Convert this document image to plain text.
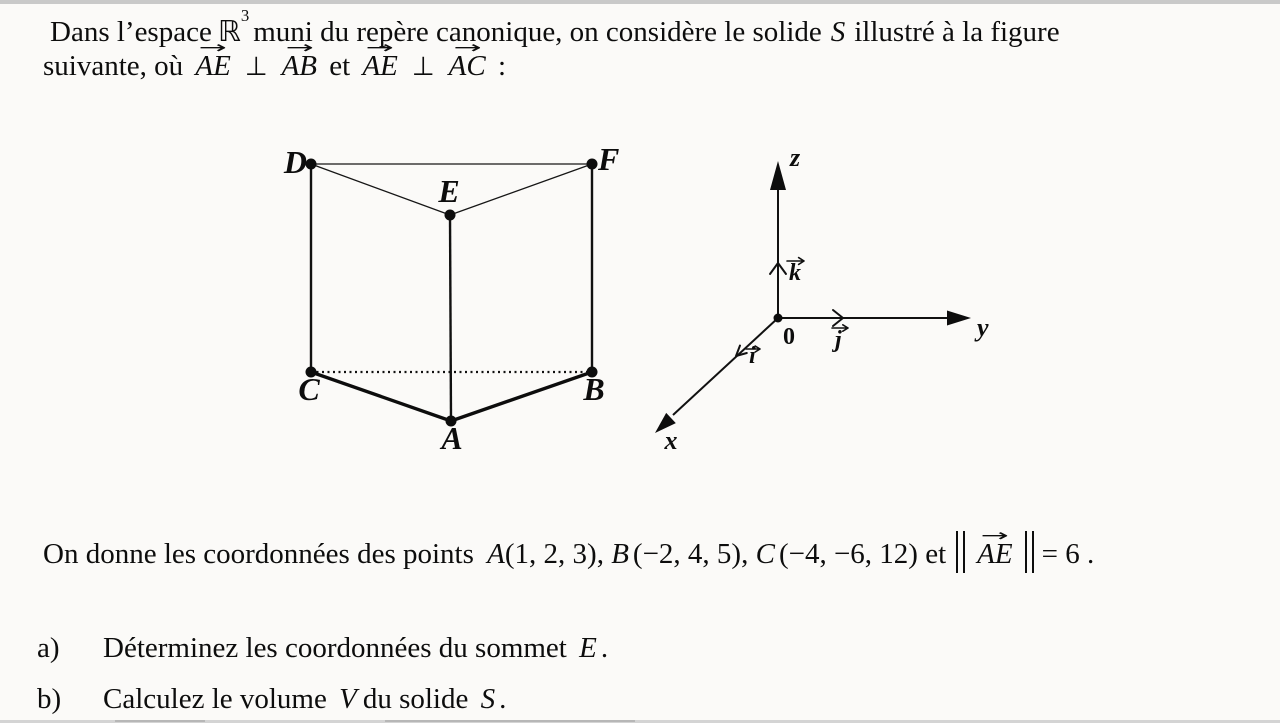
Dans l’espace ℝ$^3$muni du repère canonique, on considère le solide S illustré à la figure
suivante, où AE → ⊥ AB → et AE → ⊥ AC → :
D	F
E
C	B
A
z
y
x
k
j
i
0
On donne les coordonnées des points A(1, 2, 3), B (−2, 4, 5), C (−4, −6, 12) et AE → = 6 .
a) Déterminez les coordonnées du sommet E .
b) Calculez le volume V du solide S .
